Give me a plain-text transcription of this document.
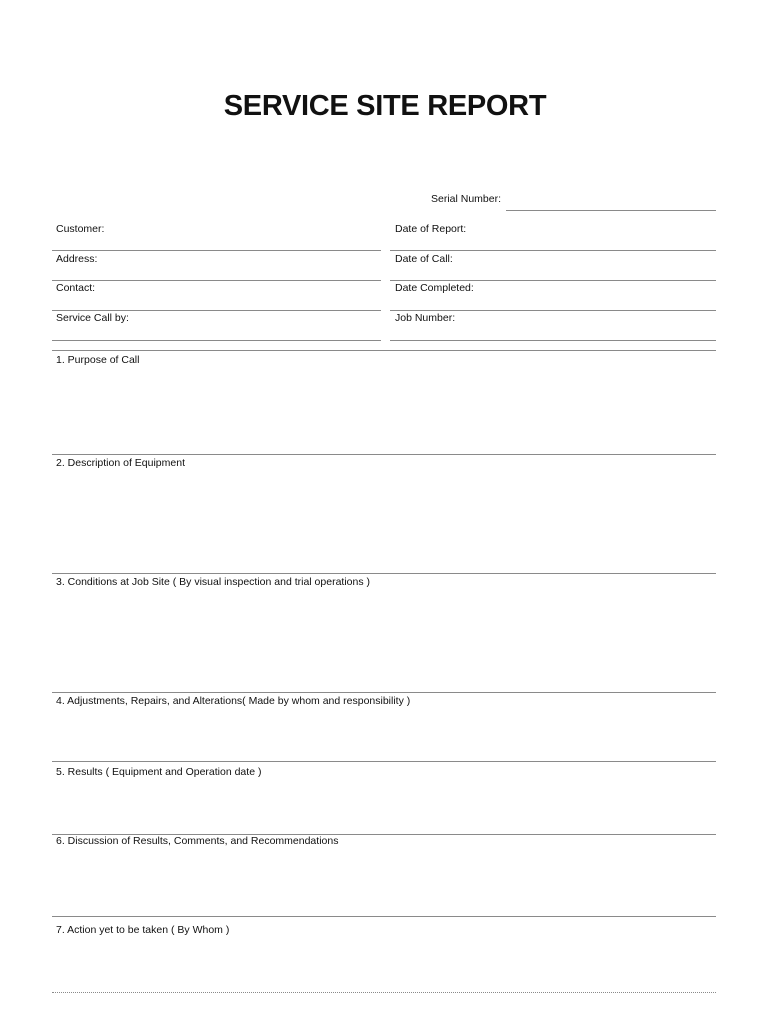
SERVICE SITE REPORT
Serial Number:
Customer:
Address:
Contact:
Service Call by:
Date of Report:
Date of Call:
Date Completed:
Job Number:
1. Purpose of Call
2. Description of Equipment
3. Conditions at Job Site ( By visual inspection and trial operations )
4. Adjustments, Repairs, and Alterations( Made by whom and responsibility )
5. Results ( Equipment and Operation date )
6. Discussion of Results, Comments, and Recommendations
7. Action yet to be taken ( By Whom )
